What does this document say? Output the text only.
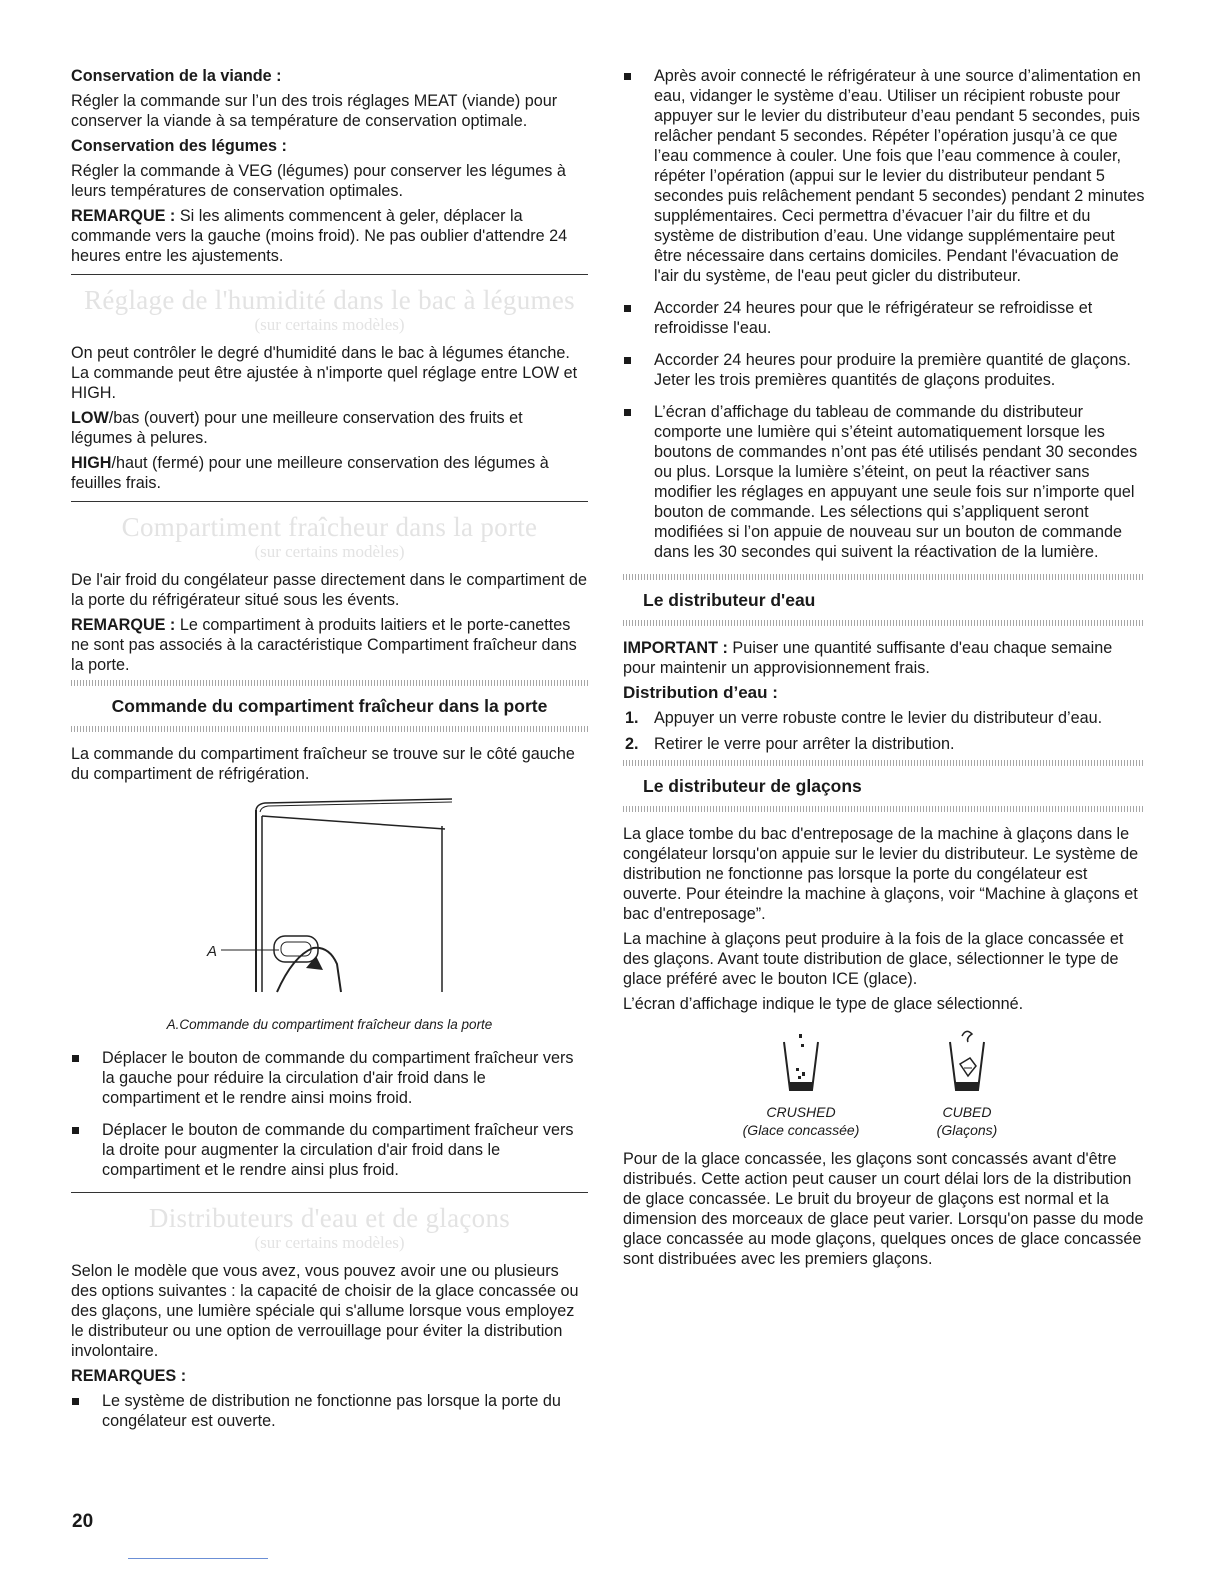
Conservation de la viande :

Régler la commande sur l’un des trois réglages MEAT (viande) pour conserver la viande à sa température de conservation optimale.

Conservation des légumes :

Régler la commande à VEG (légumes) pour conserver les légumes à leurs températures de conservation optimales.

REMARQUE : Si les aliments commencent à geler, déplacer la commande vers la gauche (moins froid). Ne pas oublier d'attendre 24 heures entre les ajustements.

Réglage de l'humidité dans le bac à légumes
(sur certains modèles)

On peut contrôler le degré d'humidité dans le bac à légumes étanche. La commande peut être ajustée à n'importe quel réglage entre LOW et HIGH.

LOW/bas (ouvert) pour une meilleure conservation des fruits et légumes à pelures.

HIGH/haut (fermé) pour une meilleure conservation des légumes à feuilles frais.

Compartiment fraîcheur dans la porte
(sur certains modèles)

De l'air froid du congélateur passe directement dans le compartiment de la porte du réfrigérateur situé sous les évents.

REMARQUE : Le compartiment à produits laitiers et le porte-canettes ne sont pas associés à la caractéristique Compartiment fraîcheur dans la porte.

Commande du compartiment fraîcheur dans la porte

La commande du compartiment fraîcheur se trouve sur le côté gauche du compartiment de réfrigération.

A
A.Commande du compartiment fraîcheur dans la porte
Déplacer le bouton de commande du compartiment fraîcheur vers la gauche pour réduire la circulation d'air froid dans le compartiment et le rendre ainsi moins froid.
Déplacer le bouton de commande du compartiment fraîcheur vers la droite pour augmenter la circulation d'air froid dans le compartiment et le rendre ainsi plus froid.
Distributeurs d'eau et de glaçons
(sur certains modèles)

Selon le modèle que vous avez, vous pouvez avoir une ou plusieurs des options suivantes : la capacité de choisir de la glace concassée ou des glaçons, une lumière spéciale qui s'allume lorsque vous employez le distributeur ou une option de verrouillage pour éviter la distribution involontaire.

REMARQUES :
Le système de distribution ne fonctionne pas lorsque la porte du congélateur est ouverte.
Après avoir connecté le réfrigérateur à une source d’alimentation en eau, vidanger le système d’eau. Utiliser un récipient robuste pour appuyer sur le levier du distributeur d’eau pendant 5 secondes, puis relâcher pendant 5 secondes. Répéter l’opération jusqu’à ce que l’eau commence à couler. Une fois que l’eau commence à couler, répéter l’opération (appui sur le levier du distributeur pendant 5 secondes puis relâchement pendant 5 secondes) pendant 2 minutes supplémentaires. Ceci permettra d’évacuer l’air du filtre et du système de distribution d’eau. Une vidange supplémentaire peut être nécessaire dans certains domiciles. Pendant l'évacuation de l'air du système, de l'eau peut gicler du distributeur.
Accorder 24 heures pour que le réfrigérateur se refroidisse et refroidisse l'eau.
Accorder 24 heures pour produire la première quantité de glaçons. Jeter les trois premières quantités de glaçons produites.
L’écran d’affichage du tableau de commande du distributeur comporte une lumière qui s’éteint automatiquement lorsque les boutons de commandes n’ont pas été utilisés pendant 30 secondes ou plus. Lorsque la lumière s’éteint, on peut la réactiver sans modifier les réglages en appuyant une seule fois sur n’importe quel bouton de commande. Les sélections qui s’appliquent seront modifiées si l’on appuie de nouveau sur un bouton de commande dans les 30 secondes qui suivent la réactivation de la lumière.
Le distributeur d'eau

IMPORTANT : Puiser une quantité suffisante d'eau chaque semaine pour maintenir un approvisionnement frais.

Distribution d’eau :
1. Appuyer un verre robuste contre le levier du distributeur d’eau.
2. Retirer le verre pour arrêter la distribution.
Le distributeur de glaçons

La glace tombe du bac d'entreposage de la machine à glaçons dans le congélateur lorsqu'on appuie sur le levier du distributeur. Le système de distribution ne fonctionne pas lorsque la porte du congélateur est ouverte. Pour éteindre la machine à glaçons, voir “Machine à glaçons et bac d'entreposage”.

La machine à glaçons peut produire à la fois de la glace concassée et des glaçons. Avant toute distribution de glace, sélectionner le type de glace préféré avec le bouton ICE (glace).

L’écran d’affichage indique le type de glace sélectionné.

CRUSHED
(Glace concassée)
CUBED
(Glaçons)

Pour de la glace concassée, les glaçons sont concassés avant d'être distribués. Cette action peut causer un court délai lors de la distribution de glace concassée. Le bruit du broyeur de glaçons est normal et la dimension des morceaux de glace peut varier. Lorsqu'on passe du mode glace concassée au mode glaçons, quelques onces de glace concassée sont distribuées avec les premiers glaçons.

20
